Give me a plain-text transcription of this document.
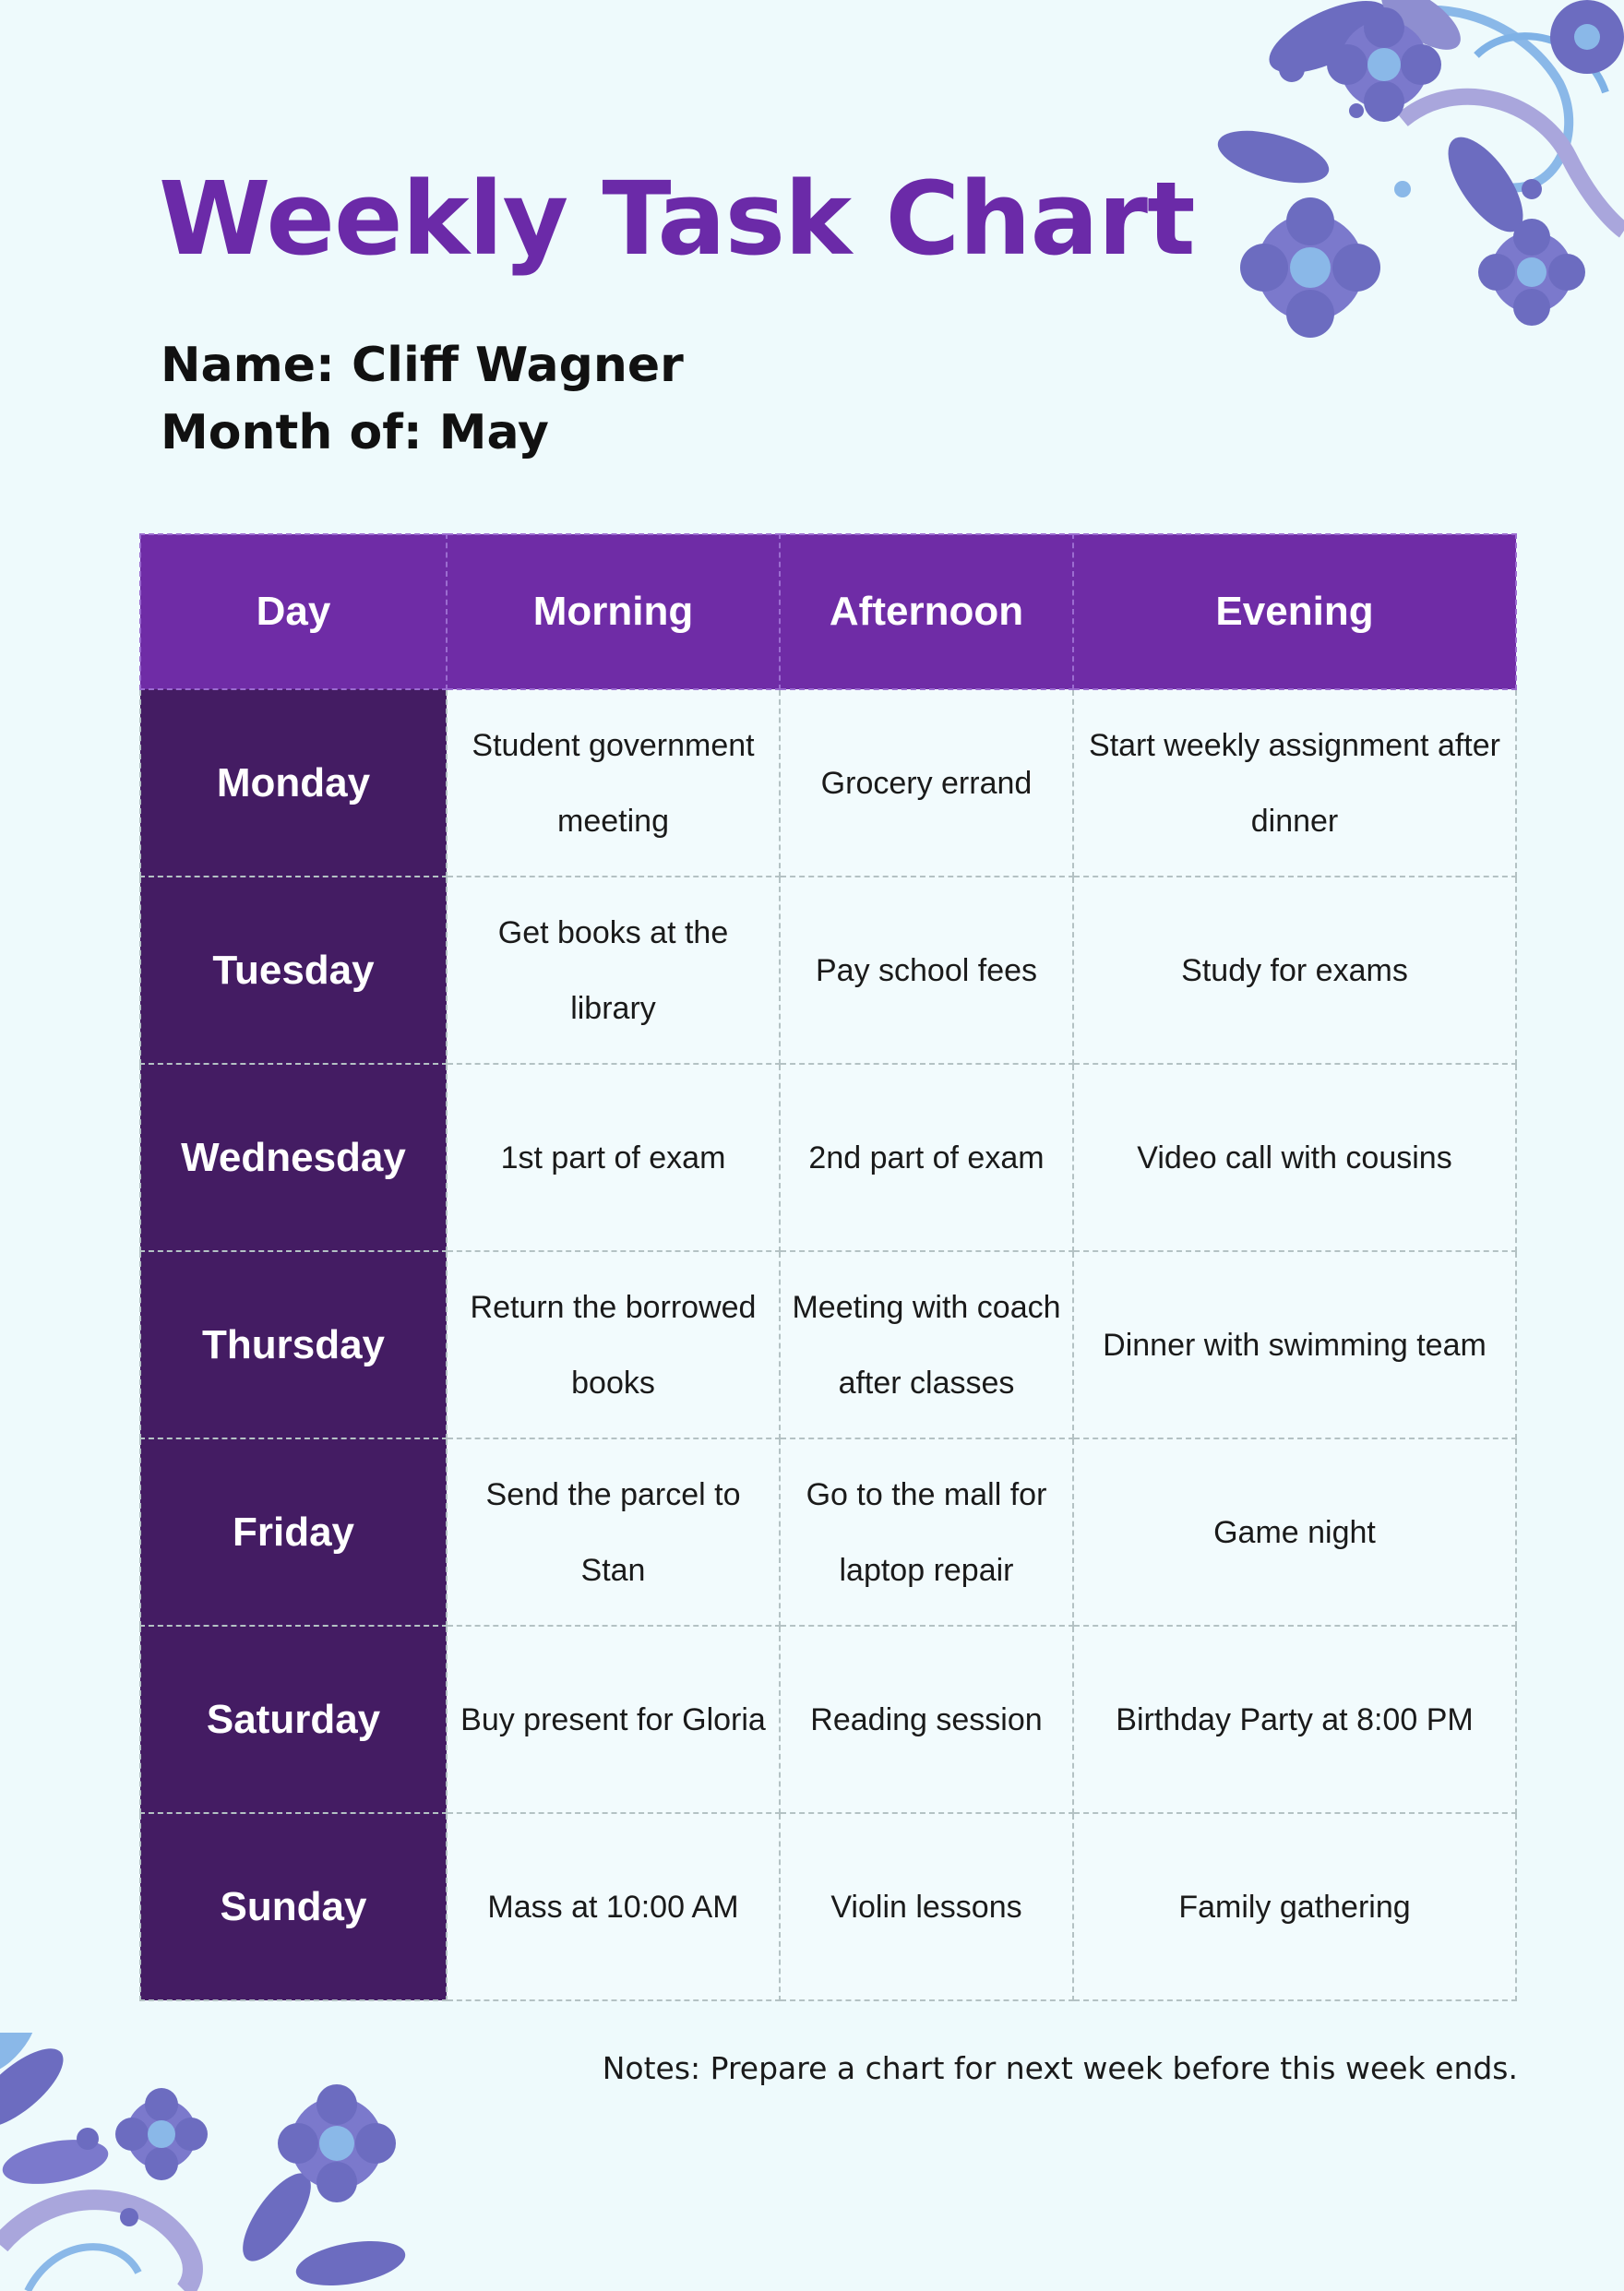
Weekly Task Chart
Name: Cliff Wagner
Month of: May
Day	Morning	Afternoon	Evening
Monday	Student government meeting	Grocery errand	Start weekly assignment after dinner
Tuesday	Get books at the library	Pay school fees	Study for exams
Wednesday	1st part of exam	2nd part of exam	Video call with cousins
Thursday	Return the borrowed books	Meeting with coach after classes	Dinner with swimming team
Friday	Send the parcel to Stan	Go to the mall for laptop repair	Game night
Saturday	Buy present for Gloria	Reading session	Birthday Party at 8:00 PM
Sunday	Mass at 10:00 AM	Violin lessons	Family gathering
Notes: Prepare a chart for next week before this week ends.
